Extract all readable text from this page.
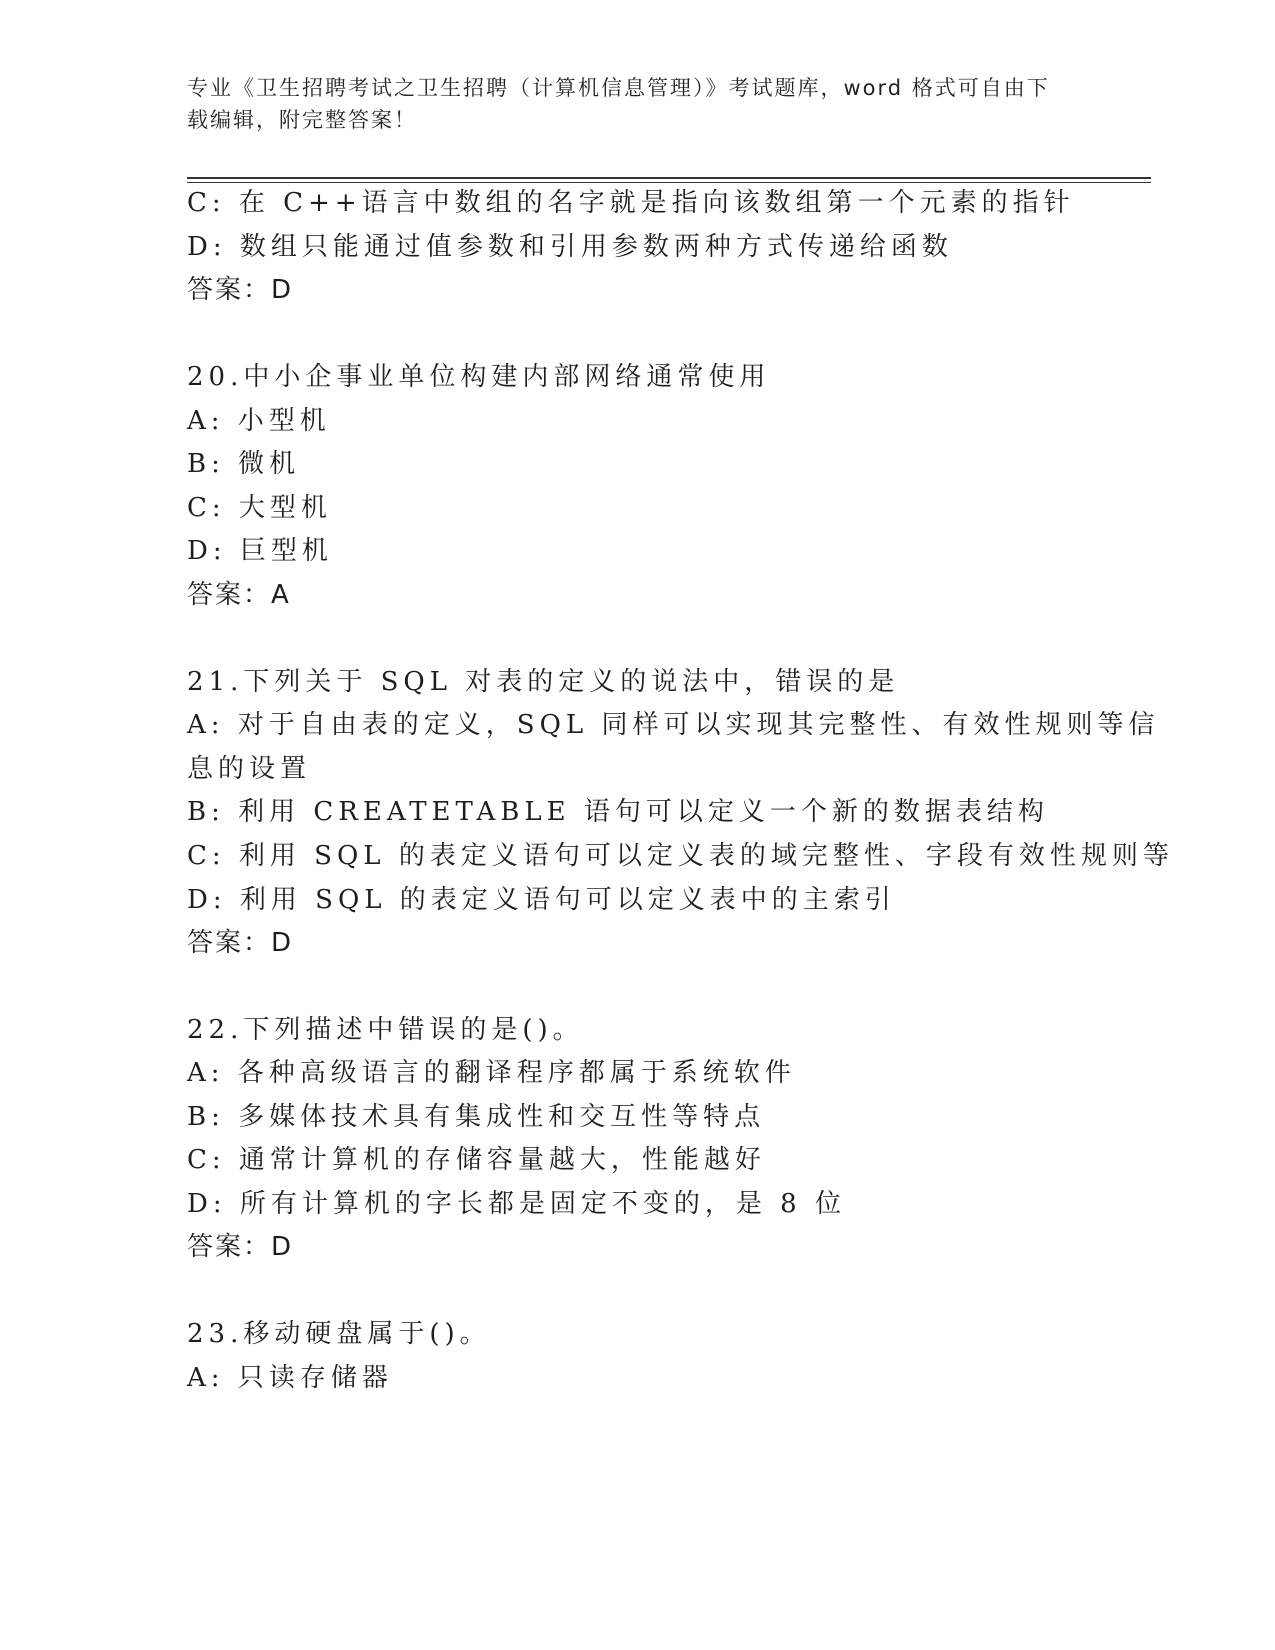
专业《卫生招聘考试之卫生招聘（计算机信息管理）》考试题库，word 格式可自由下载编辑，附完整答案！
C: 在 C++语言中数组的名字就是指向该数组第一个元素的指针
D: 数组只能通过值参数和引用参数两种方式传递给函数
答案：D
20.中小企事业单位构建内部网络通常使用
A: 小型机
B: 微机
C: 大型机
D: 巨型机
答案：A
21.下列关于 SQL 对表的定义的说法中，错误的是
A: 对于自由表的定义，SQL 同样可以实现其完整性、有效性规则等信
息的设置
B: 利用 CREATETABLE 语句可以定义一个新的数据表结构
C: 利用 SQL 的表定义语句可以定义表的域完整性、字段有效性规则等
D: 利用 SQL 的表定义语句可以定义表中的主索引
答案：D
22.下列描述中错误的是()。
A: 各种高级语言的翻译程序都属于系统软件
B: 多媒体技术具有集成性和交互性等特点
C: 通常计算机的存储容量越大，性能越好
D: 所有计算机的字长都是固定不变的，是 8 位
答案：D
23.移动硬盘属于()。
A: 只读存储器
